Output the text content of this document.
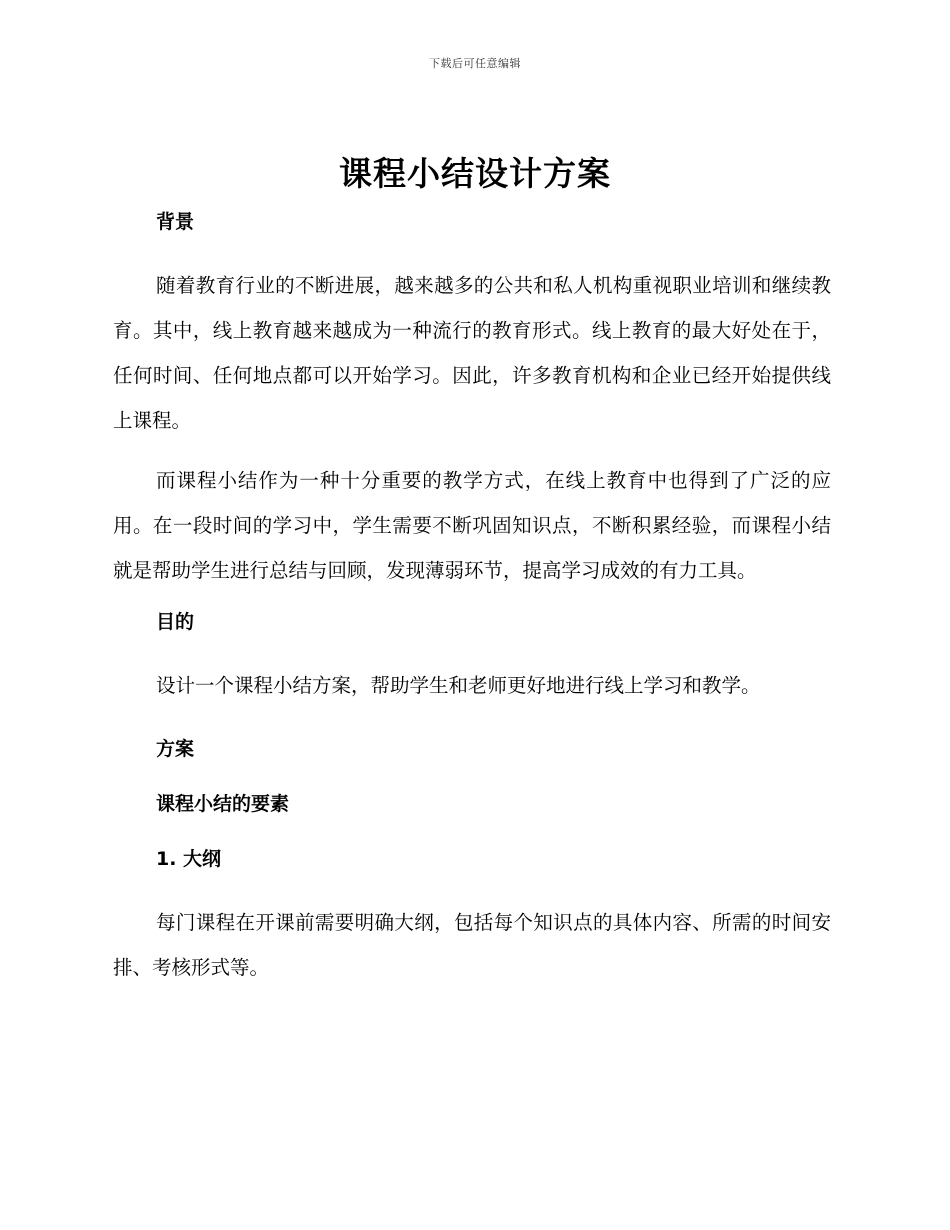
下载后可任意编辑
课程小结设计方案
背景

随着教育行业的不断进展，越来越多的公共和私人机构重视职业培训和继续教育。其中，线上教育越来越成为一种流行的教育形式。线上教育的最大好处在于，任何时间、任何地点都可以开始学习。因此，许多教育机构和企业已经开始提供线上课程。

而课程小结作为一种十分重要的教学方式，在线上教育中也得到了广泛的应用。在一段时间的学习中，学生需要不断巩固知识点，不断积累经验，而课程小结就是帮助学生进行总结与回顾，发现薄弱环节，提高学习成效的有力工具。

目的

设计一个课程小结方案，帮助学生和老师更好地进行线上学习和教学。

方案
课程小结的要素
1. 大纲

每门课程在开课前需要明确大纲，包括每个知识点的具体内容、所需的时间安排、考核形式等。
